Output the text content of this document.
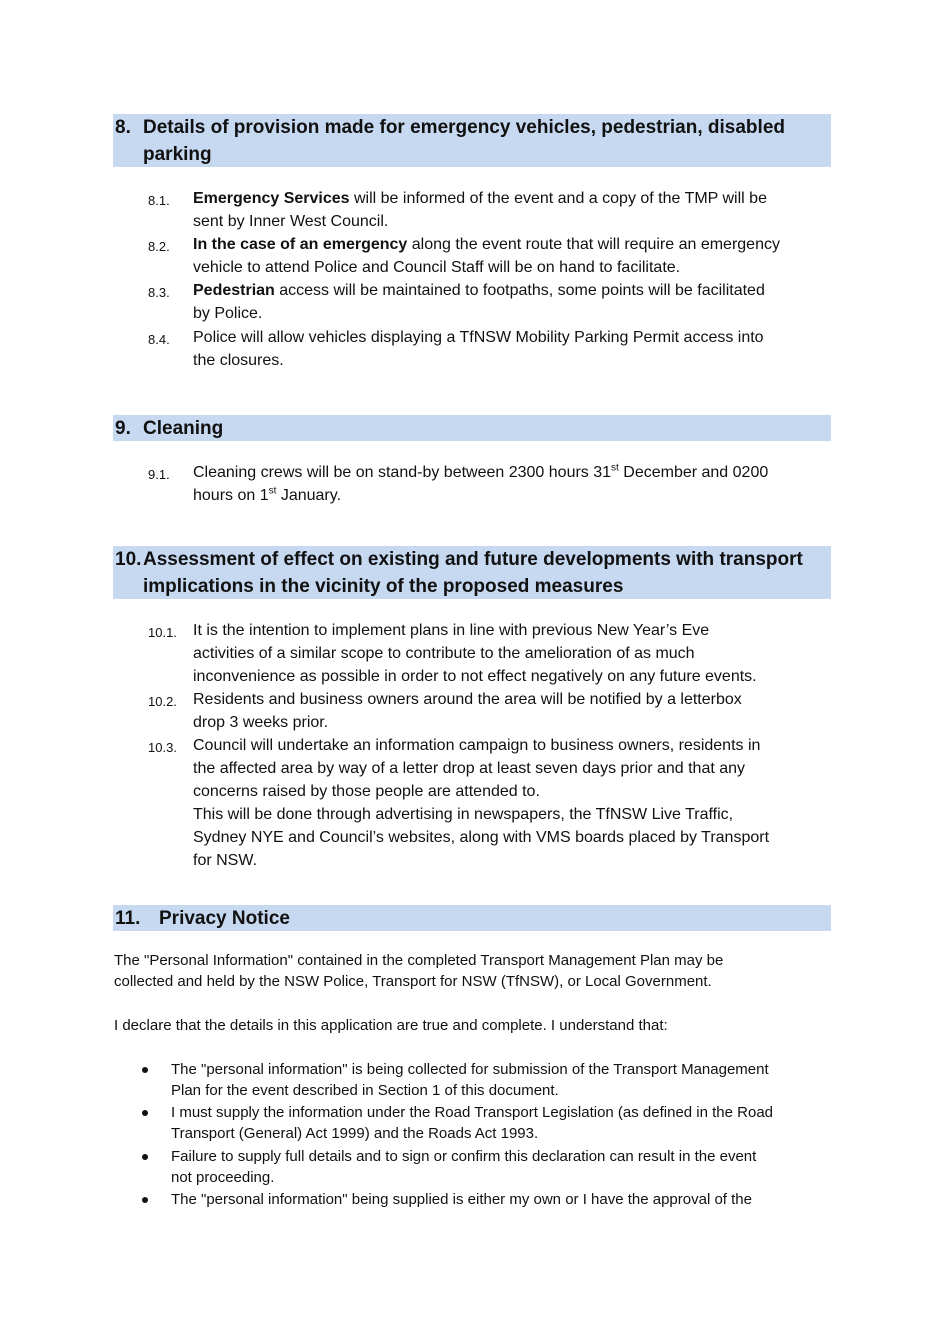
8. Details of provision made for emergency vehicles, pedestrian, disabled
parking
8.1. Emergency Services will be informed of the event and a copy of the TMP will be
sent by Inner West Council.
8.2. In the case of an emergency along the event route that will require an emergency
vehicle to attend Police and Council Staff will be on hand to facilitate.
8.3. Pedestrian access will be maintained to footpaths, some points will be facilitated
by Police.
8.4. Police will allow vehicles displaying a TfNSW Mobility Parking Permit access into
the closures.
9. Cleaning
9.1. Cleaning crews will be on stand-by between 2300 hours 31st December and 0200
hours on 1st January.
10. Assessment of effect on existing and future developments with transport
implications in the vicinity of the proposed measures
10.1. It is the intention to implement plans in line with previous New Year’s Eve
activities of a similar scope to contribute to the amelioration of as much
inconvenience as possible in order to not effect negatively on any future events.
10.2. Residents and business owners around the area will be notified by a letterbox
drop 3 weeks prior.
10.3. Council will undertake an information campaign to business owners, residents in
the affected area by way of a letter drop at least seven days prior and that any
concerns raised by those people are attended to.
This will be done through advertising in newspapers, the TfNSW Live Traffic,
Sydney NYE and Council’s websites, along with VMS boards placed by Transport
for NSW.
11. Privacy Notice
The "Personal Information" contained in the completed Transport Management Plan may be
collected and held by the NSW Police, Transport for NSW (TfNSW), or Local Government.
I declare that the details in this application are true and complete. I understand that:
The "personal information" is being collected for submission of the Transport Management
Plan for the event described in Section 1 of this document.
I must supply the information under the Road Transport Legislation (as defined in the Road
Transport (General) Act 1999) and the Roads Act 1993.
Failure to supply full details and to sign or confirm this declaration can result in the event
not proceeding.
The "personal information" being supplied is either my own or I have the approval of the
